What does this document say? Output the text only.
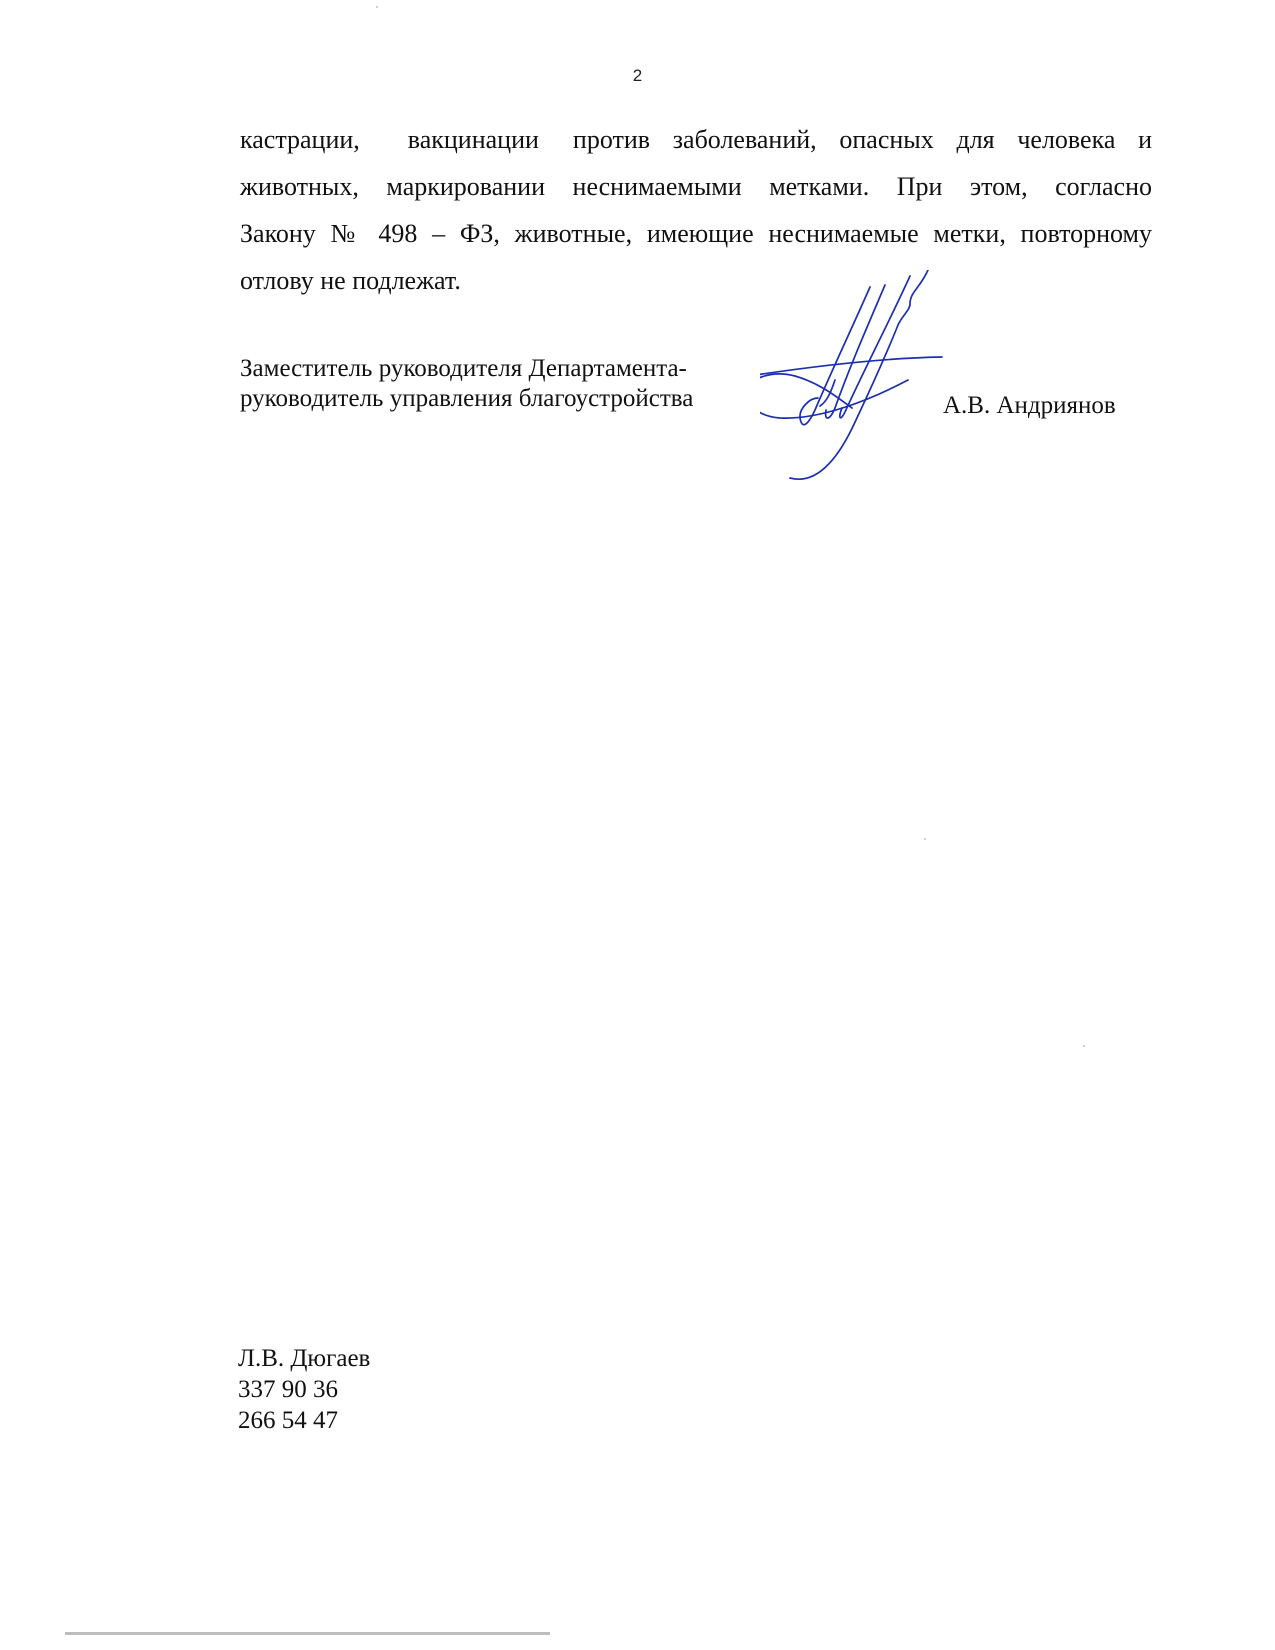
2
кастрации, вакцинации против заболеваний, опасных для человека и
животных, маркировании неснимаемыми метками. При этом, согласно
Закону № 498 – ФЗ, животные, имеющие неснимаемые метки, повторному
отлову не подлежат.
Заместитель руководителя Департамента-
руководитель управления благоустройства	А.В. Андриянов
Л.В. Дюгаев
337 90 36
266 54 47
